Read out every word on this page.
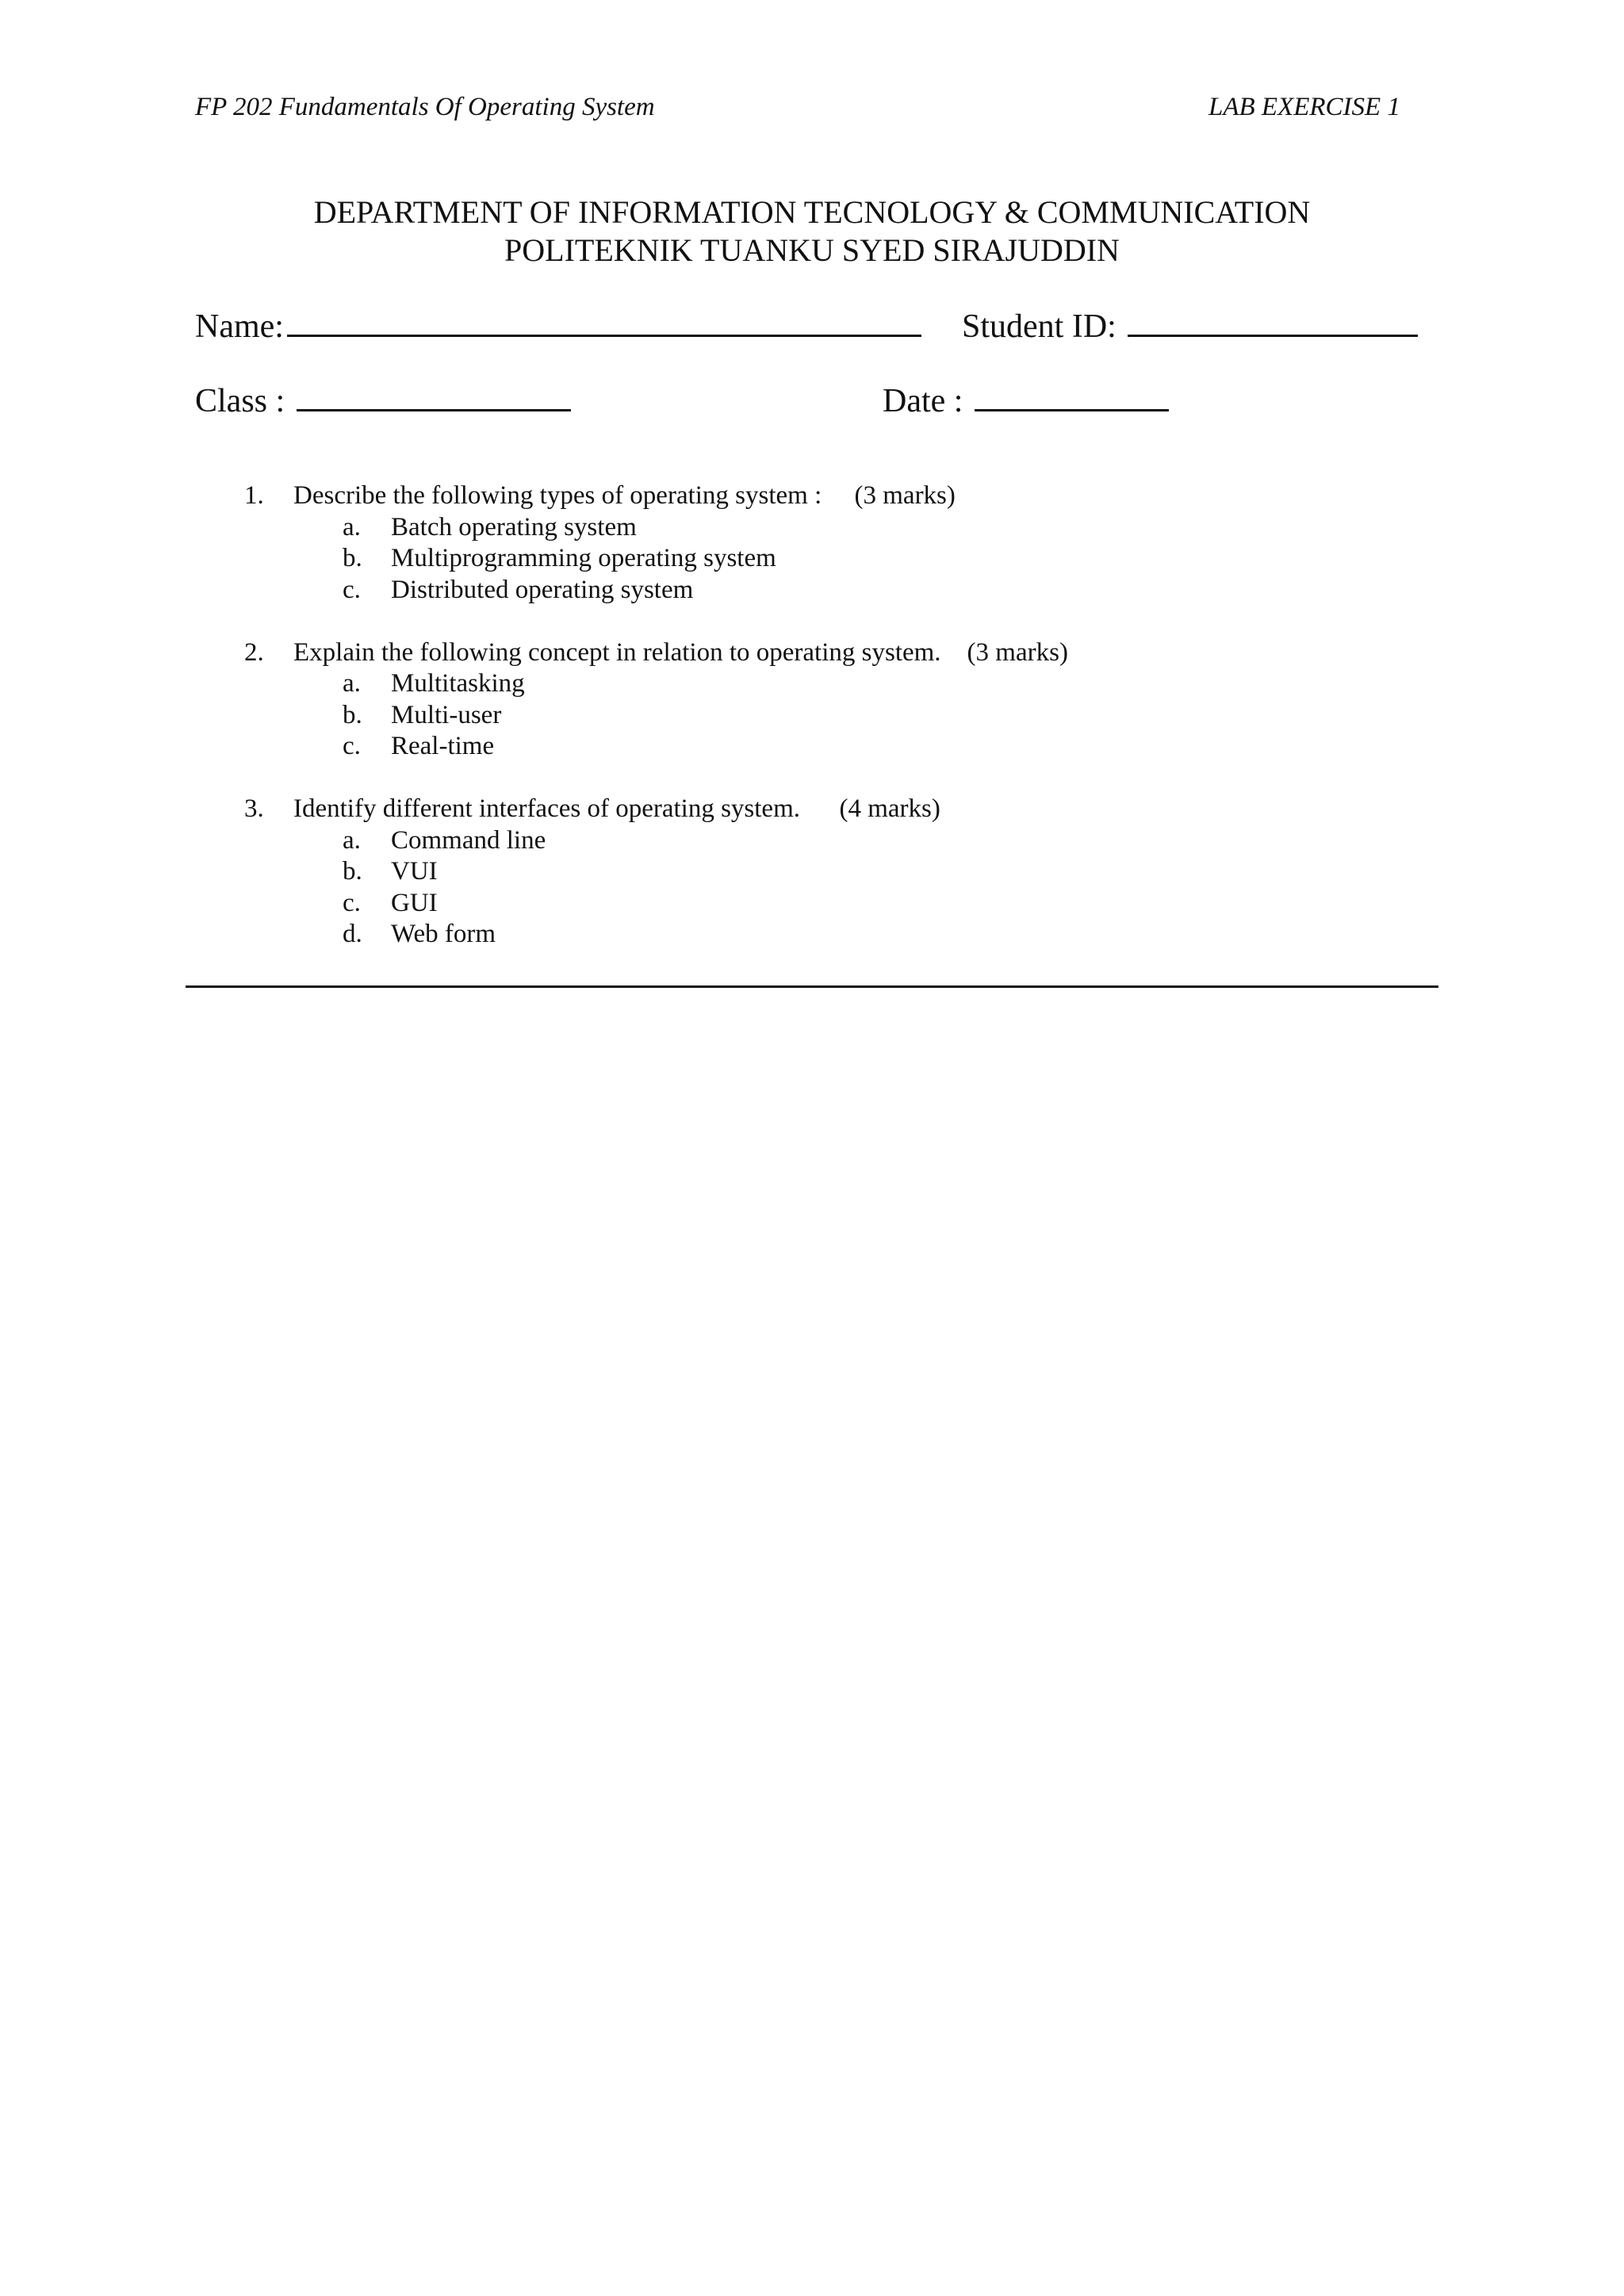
FP 202 Fundamentals Of Operating System	LAB EXERCISE 1
DEPARTMENT OF INFORMATION TECNOLOGY & COMMUNICATION
POLITEKNIK TUANKU SYED SIRAJUDDIN
Name:	Student ID:
Class :	Date :
1. Describe the following types of operating system :     (3 marks)
a. Batch operating system
b. Multiprogramming operating system
c. Distributed operating system
2. Explain the following concept in relation to operating system.    (3 marks)
a. Multitasking
b. Multi-user
c. Real-time
3. Identify different interfaces of operating system.      (4 marks)
a. Command line
b. VUI
c. GUI
d. Web form
